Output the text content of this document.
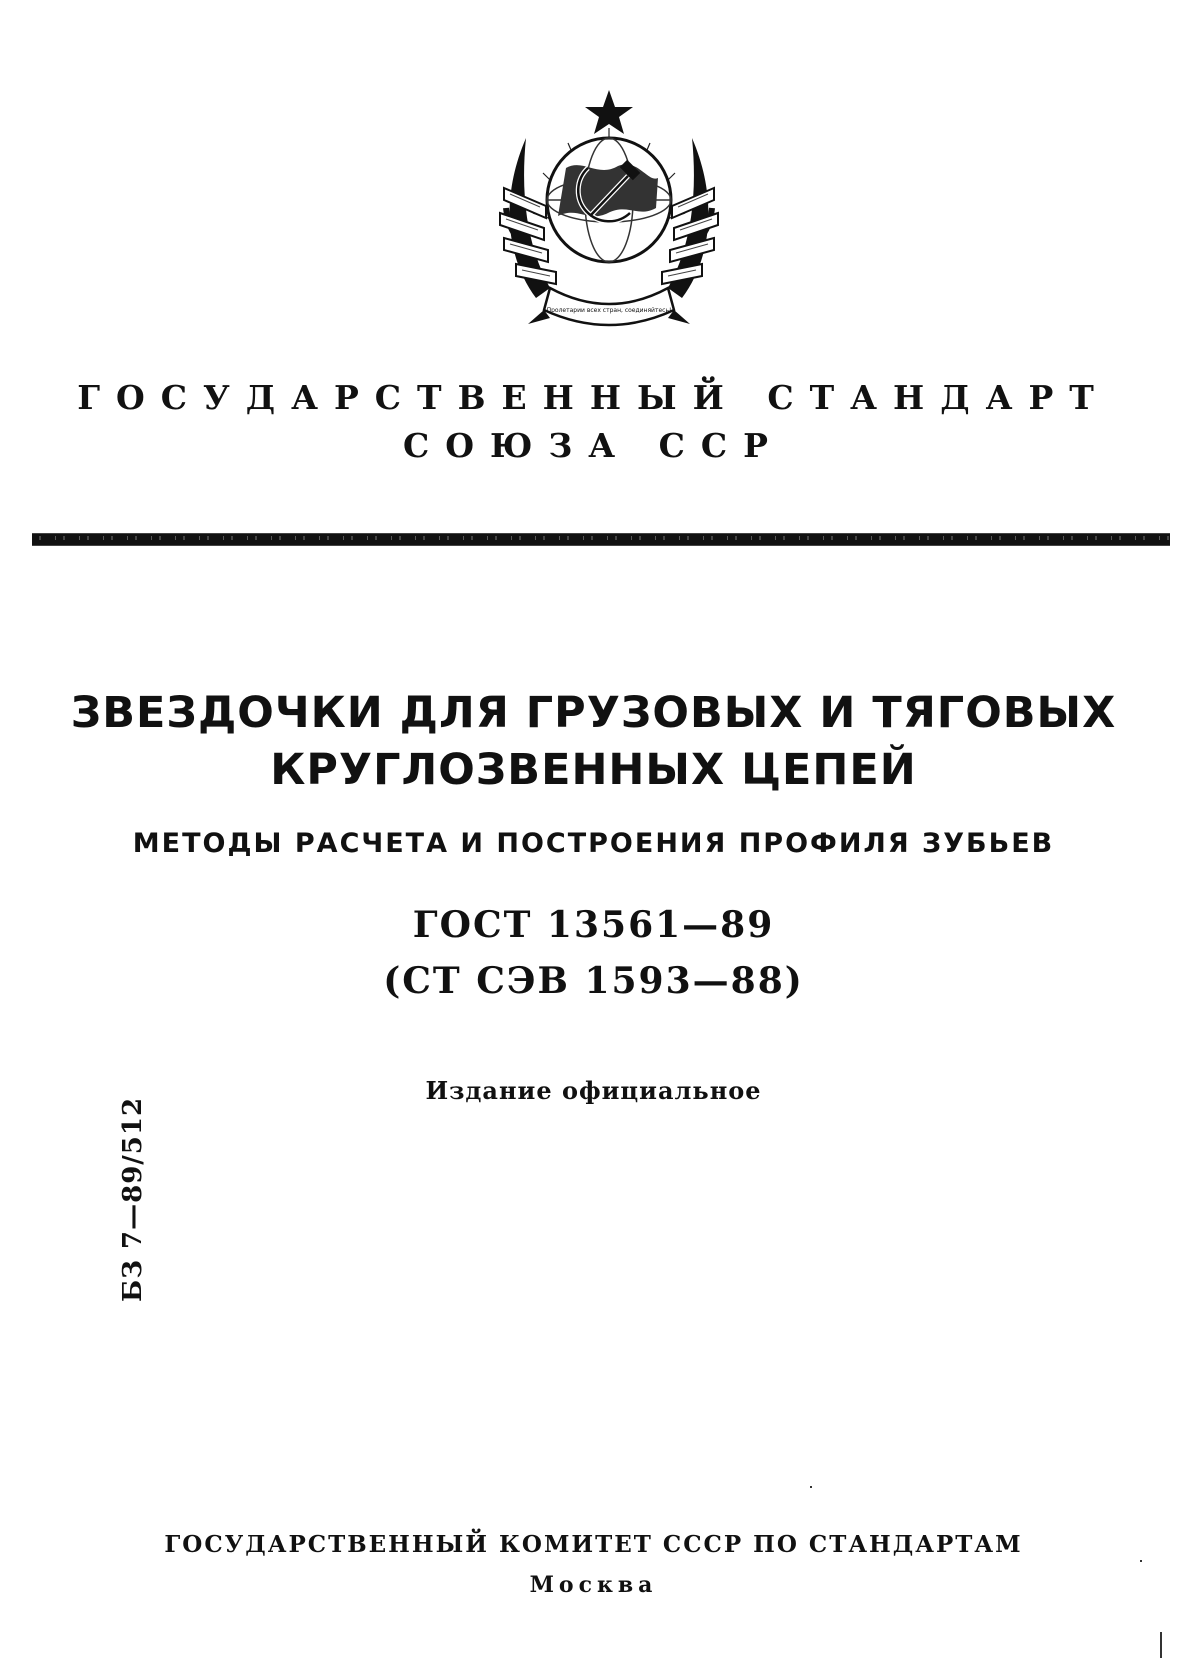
Пролетарии всех стран, соединяйтесь!
ГОСУДАРСТВЕННЫЙ СТАНДАРТ
СОЮЗА ССР
ЗВЕЗДОЧКИ ДЛЯ ГРУЗОВЫХ И ТЯГОВЫХ
КРУГЛОЗВЕННЫХ ЦЕПЕЙ
МЕТОДЫ РАСЧЕТА И ПОСТРОЕНИЯ ПРОФИЛЯ ЗУБЬЕВ
ГОСТ 13561—89
(СТ СЭВ 1593—88)
Издание официальное
БЗ 7—89/512
ГОСУДАРСТВЕННЫЙ КОМИТЕТ СССР ПО СТАНДАРТАМ
Москва
